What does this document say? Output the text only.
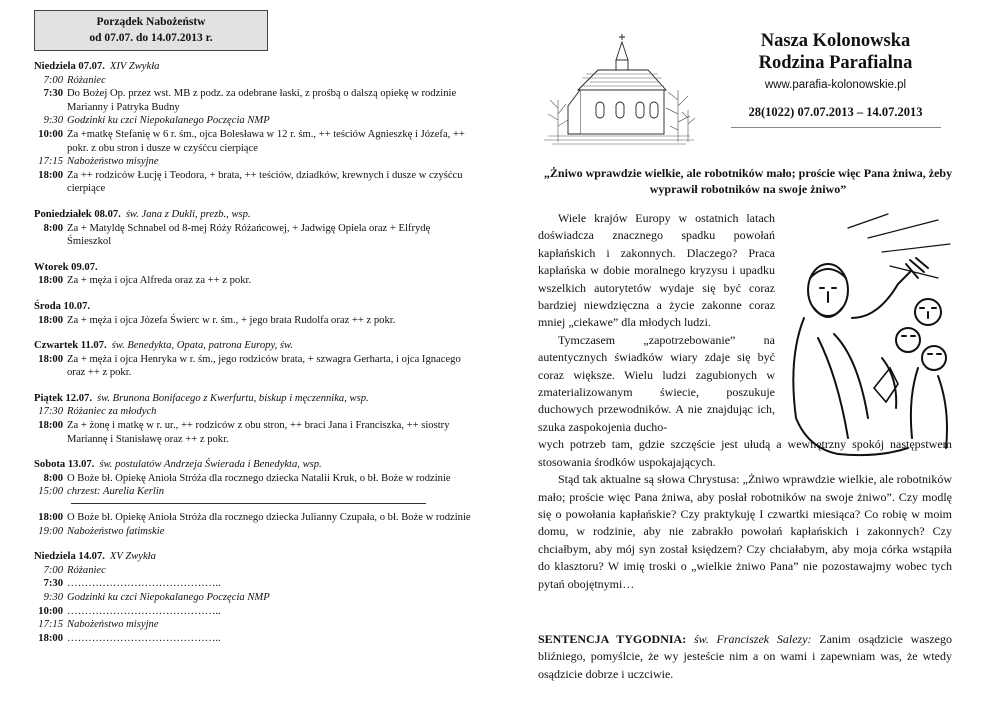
Porządek Nabożeństw
od 07.07. do 14.07.2013 r.
Niedziela 07.07. XIV Zwykła
7:00 Różaniec
7:30 Do Bożej Op. przez wst. MB z podz. za odebrane łaski, z prośbą o dalszą opiekę w rodzinie Marianny i Patryka Budny
9:30 Godzinki ku czci Niepokalanego Poczęcia NMP
10:00 Za +matkę Stefanię w 6 r. śm., ojca Bolesława w 12 r. śm., ++ teściów Agnieszkę i Józefa, ++ pokr. z obu stron i dusze w czyśćcu cierpiące
17:15 Nabożeństwo misyjne
18:00 Za ++ rodziców Łucję i Teodora, + brata, ++ teściów, dziadków, krewnych i dusze w czyśćcu cierpiące
Poniedziałek 08.07. św. Jana z Dukli, prezb., wsp.
8:00 Za + Matyldę Schnabel od 8-mej Róży Różańcowej, + Jadwigę Opiela oraz + Elfrydę Śmieszkol
Wtorek 09.07.
18:00 Za + męża i ojca Alfreda oraz za ++ z pokr.
Środa 10.07.
18:00 Za + męża i ojca Józefa Świerc w r. śm., + jego brata Rudolfa oraz ++ z pokr.
Czwartek 11.07. św. Benedykta, Opata, patrona Europy, św.
18:00 Za + męża i ojca Henryka w r. śm., jego rodziców brata, + szwagra Gerharta, i ojca Ignacego oraz ++ z pokr.
Piątek 12.07. św. Brunona Bonifacego z Kwerfurtu, biskup i męczennika, wsp.
17:30 Różaniec za młodych
18:00 Za + żonę i matkę w r. ur., ++ rodziców z obu stron, ++ braci Jana i Franciszka, ++ siostry Mariannę i Stanisławę oraz ++ z pokr.
Sobota 13.07. św. postulatów Andrzeja Świerada i Benedykta, wsp.
8:00 O Boże bł. Opiekę Anioła Stróża dla rocznego dziecka Natalii Kruk, o bł. Boże w rodzinie
15:00 chrzest: Aurelia Kerlin
18:00 O Boże bł. Opiekę Anioła Stróża dla rocznego dziecka Julianny Czupała, o bł. Boże w rodzinie
19:00 Nabożeństwo fatimskie
Niedziela 14.07. XV Zwykła
7:00 Różaniec
7:30 ……………………………………..
9:30 Godzinki ku czci Niepokalanego Poczęcia NMP
10:00 ……………………………………..
17:15 Nabożeństwo misyjne
18:00 ……………………………………..
Nasza Kolonowska
Rodzina Parafialna
www.parafia-kolonowskie.pl
28(1022) 07.07.2013 – 14.07.2013
„Żniwo wprawdzie wielkie, ale robotników mało; proście więc Pana żniwa, żeby wyprawił robotników na swoje żniwo”

Wiele krajów Europy w ostatnich latach doświadcza znacznego spadku powołań kapłańskich i zakonnych. Dlaczego? Praca kapłańska w dobie moralnego kryzysu i upadku wszelkich autorytetów wydaje się być coraz bardziej niewdzięczna a życie zakonne coraz mniej „ciekawe” dla młodych ludzi.

Tymczasem „zapotrzebowanie” na autentycznych świadków wiary zdaje się być coraz większe. Wielu ludzi zagubionych w zmaterializowanym świecie, poszukuje duchowych przewodników. A nie znajdując ich, szuka zaspokojenia ducho-

wych potrzeb tam, gdzie szczęście jest ułudą a wewnętrzny spokój następstwem stosowania środków uspokajających.

Stąd tak aktualne są słowa Chrystusa: „Żniwo wprawdzie wielkie, ale robotników mało; proście więc Pana żniwa, aby posłał robotników na swoje żniwo”. Czy modlę się o powołania kapłańskie? Czy praktykuję I czwartki miesiąca? Co robię w moim domu, w rodzinie, aby nie zabrakło powołań kapłańskich i zakonnych? Czy chciałbym, aby mój syn został księdzem? Czy chciałabym, aby moja córka wstąpiła do klasztoru? W imię troski o „wielkie żniwo Pana” nie pozostawajmy wobec tych pytań obojętnymi…

SENTENCJA TYGODNIA: św. Franciszek Salezy: Zanim osądzicie waszego bliźniego, pomyślcie, że wy jesteście nim a on wami i zapewniam was, że wtedy osądzicie dobrze i uczciwie.
